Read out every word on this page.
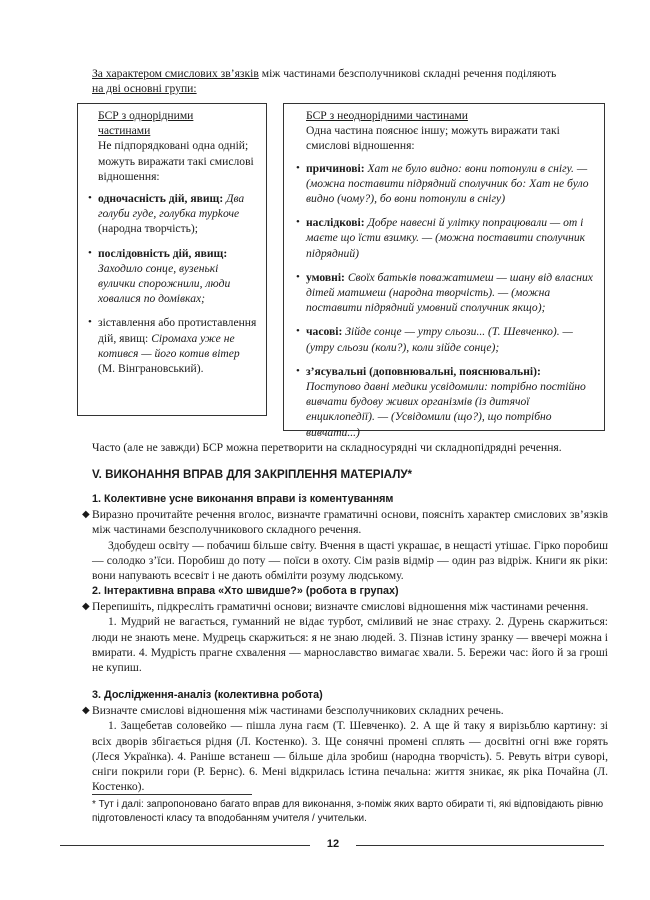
За характером смислових зв’язків між частинами безсполучникові складні речення поділяють
на дві основні групи:

БСР з однорідними частинами
Не підпорядковані одна одній; можуть виражати такі смислові відношення:
• одночасність дій, явищ: Два голуби гуде, голубка турkоче (народна творчість);
• послідовність дій, явищ: Заходило сонце, вузенькі вулички спорожнили, люди ховалися по домівках;
• зіставлення або протиставлення дій, явищ: Сіромаха уже не котився — його котив вітер (М. Вінграновський).
БСР з неоднорідними частинами
Одна частина пояснює іншу; можуть виражати такі смислові відношення:
• причинові: Хат не було видно: вони потонули в снігу. — (можна поставити підрядний сполучник бо: Хат не було видно (чому?), бо вони потонули в снігу)
• наслідкові: Добре навесні й улітку попрацювали — от і маєте що їсти взимку. — (можна поставити сполучник підрядний)
• умовні: Своїх батьків поважатимеш — шану від власних дітей матимеш (народна творчість). — (можна поставити підрядний умовний сполучник якщо);
• часові: Зійде сонце — утру сльози... (Т. Шевченко). — (утру сльози (коли?), коли зійде сонце);
• з’ясувальні (доповнювальні, пояснювальні): Поступово давні медики усвідомили: потрібно постійно вивчати будову живих організмів (із дитячої енциклопедії). — (Усвідомили (що?), що потрібно вивчати...)

Часто (але не завжди) БСР можна перетворити на складносурядні чи складнопідрядні речення.

V. ВИКОНАННЯ ВПРАВ ДЛЯ ЗАКРІПЛЕННЯ МАТЕРІАЛУ*

1. Колективне усне виконання вправи із коментуванням

◆ Виразно прочитайте речення вголос, визначте граматичні основи, поясніть характер смислових зв’язків між частинами безсполучникового складного речення.

Здобудеш освіту — побачиш більше світу. Вчення в щасті украшає, в нещасті утішає. Гірко поробиш — солодко з’їси. Поробиш до поту — поїси в охоту. Сім разів відмір — один раз відріж. Книги як ріки: вони напувають всесвіт і не дають обміліти розуму людському.

2. Інтерактивна вправа «Хто швидше?» (робота в групах)

◆ Перепишіть, підкресліть граматичні основи; визначте смислові відношення між частинами речення.

1. Мудрий не вагається, гуманний не відає турбот, сміливий не знає страху. 2. Дурень скаржиться: люди не знають мене. Мудрець скаржиться: я не знаю людей. 3. Пізнав істину зранку — ввечері можна і вмирати. 4. Мудрість прагне схвалення — марнославство вимагає хвали. 5. Бережи час: його й за гроші не купиш.

3. Дослідження-аналіз (колективна робота)

◆ Визначте смислові відношення між частинами безсполучникових складних речень.

1. Защебетав соловейко — пішла луна гаєм (Т. Шевченко). 2. А ще й таку я вирізьблю картину: зі всіх дворів збігається рідня (Л. Костенко). 3. Ще сонячні промені сплять — досвітні огні вже горять (Леся Українка). 4. Раніше встанеш — більше діла зробиш (народна творчість). 5. Ревуть вітри суворі, сніги покрили гори (Р. Бернс). 6. Мені відкрилась істина печальна: життя зникає, як ріка Почайна (Л. Костенко).

* Тут і далі: запропоновано багато вправ для виконання, з-поміж яких варто обирати ті, які відповідають рівню підготовленості класу та вподобанням учителя / учительки.

12
